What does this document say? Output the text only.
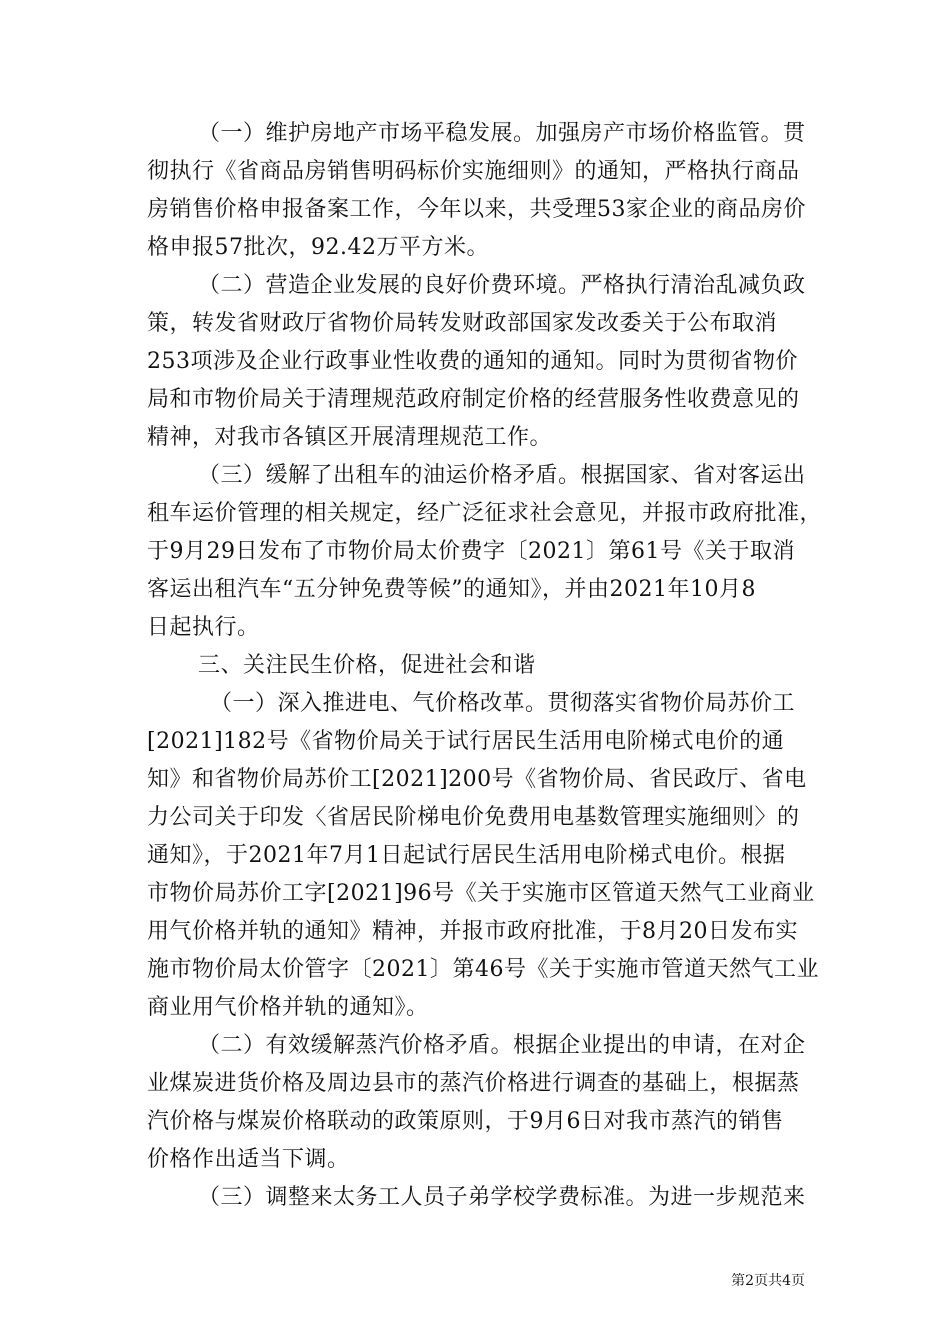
（一）维护房地产市场平稳发展。加强房产市场价格监管。贯
彻执行《省商品房销售明码标价实施细则》的通知，严格执行商品
房销售价格申报备案工作，今年以来，共受理53家企业的商品房价
格申报57批次，92.42万平方米。
（二）营造企业发展的良好价费环境。严格执行清治乱减负政
策，转发省财政厅省物价局转发财政部国家发改委关于公布取消
253项涉及企业行政事业性收费的通知的通知。同时为贯彻省物价
局和市物价局关于清理规范政府制定价格的经营服务性收费意见的
精神，对我市各镇区开展清理规范工作。
（三）缓解了出租车的油运价格矛盾。根据国家、省对客运出
租车运价管理的相关规定，经广泛征求社会意见，并报市政府批准，
于9月29日发布了市物价局太价费字〔2021〕第61号《关于取消
客运出租汽车“五分钟免费等候”的通知》，并由2021年10月8
日起执行。
三、关注民生价格，促进社会和谐
（一）深入推进电、气价格改革。贯彻落实省物价局苏价工
[2021]182号《省物价局关于试行居民生活用电阶梯式电价的通
知》和省物价局苏价工[2021]200号《省物价局、省民政厅、省电
力公司关于印发〈省居民阶梯电价免费用电基数管理实施细则〉的
通知》，于2021年7月1日起试行居民生活用电阶梯式电价。根据
市物价局苏价工字[2021]96号《关于实施市区管道天然气工业商业
用气价格并轨的通知》精神，并报市政府批准，于8月20日发布实
施市物价局太价管字〔2021〕第46号《关于实施市管道天然气工业
商业用气价格并轨的通知》。
（二）有效缓解蒸汽价格矛盾。根据企业提出的申请，在对企
业煤炭进货价格及周边县市的蒸汽价格进行调查的基础上，根据蒸
汽价格与煤炭价格联动的政策原则，于9月6日对我市蒸汽的销售
价格作出适当下调。
（三）调整来太务工人员子弟学校学费标准。为进一步规范来
第2页共4页
